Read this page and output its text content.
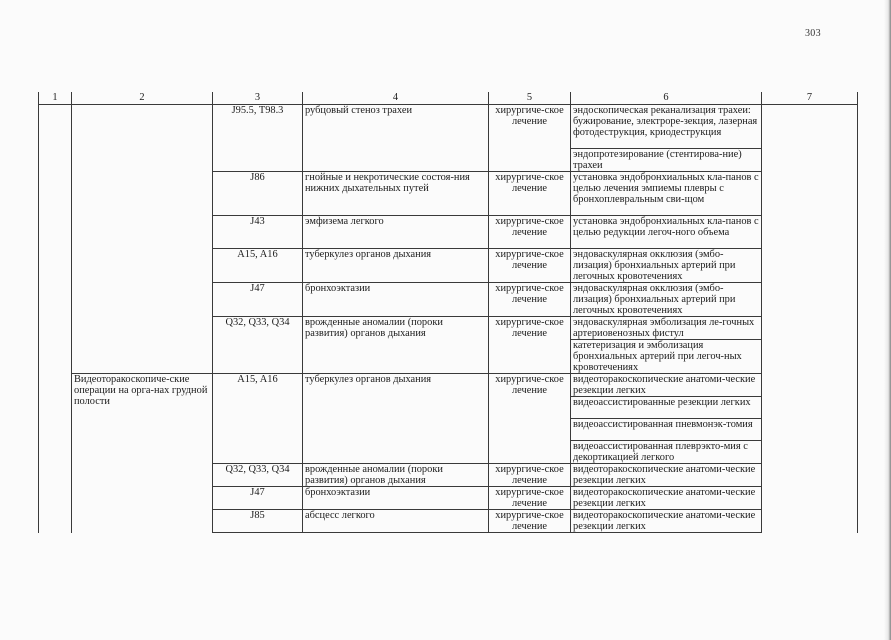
303
1	2	3	4	5	6	7
		J95.5, T98.3	рубцовый стеноз трахеи	хирургиче-ское лечение	эндоскопическая реканализация трахеи: бужирование, электроре-зекция, лазерная фотодеструкция, криодеструкция	
					эндопротезирование (стентирова-ние) трахеи	
		J86	гнойные и некротические состоя-ния нижних дыхательных путей	хирургиче-ское лечение	установка эндобронхиальных кла-панов с целью лечения эмпиемы плевры с бронхоплевральным сви-щом	
		J43	эмфизема легкого	хирургиче-ское лечение	установка эндобронхиальных кла-панов с целью редукции легоч-ного объема	
		A15, A16	туберкулез органов дыхания	хирургиче-ское лечение	эндоваскулярная окклюзия (эмбо-лизация) бронхиальных артерий при легочных кровотечениях	
		J47	бронхоэктазии	хирургиче-ское лечение	эндоваскулярная окклюзия (эмбо-лизация) бронхиальных артерий при легочных кровотечениях	
		Q32, Q33, Q34	врожденные аномалии (пороки развития) органов дыхания	хирургиче-ское лечение	эндоваскулярная эмболизация ле-гочных артериовенозных фистул	
					катетеризация и эмболизация бронхиальных артерий при легоч-ных кровотечениях	
	Видеоторакоскопиче-ские операции на орга-нах грудной полости	A15, A16	туберкулез органов дыхания	хирургиче-ское лечение	видеоторакоскопические анатоми-ческие резекции легких	
					видеоассистированные резекции легких	
					видеоассистированная пневмонэк-томия	
					видеоассистированная плеврэкто-мия с декортикацией легкого	
		Q32, Q33, Q34	врожденные аномалии (пороки развития) органов дыхания	хирургиче-ское лечение	видеоторакоскопические анатоми-ческие резекции легких	
		J47	бронхоэктазии	хирургиче-ское лечение	видеоторакоскопические анатоми-ческие резекции легких	
		J85	абсцесс легкого	хирургиче-ское лечение	видеоторакоскопические анатоми-ческие резекции легких	
